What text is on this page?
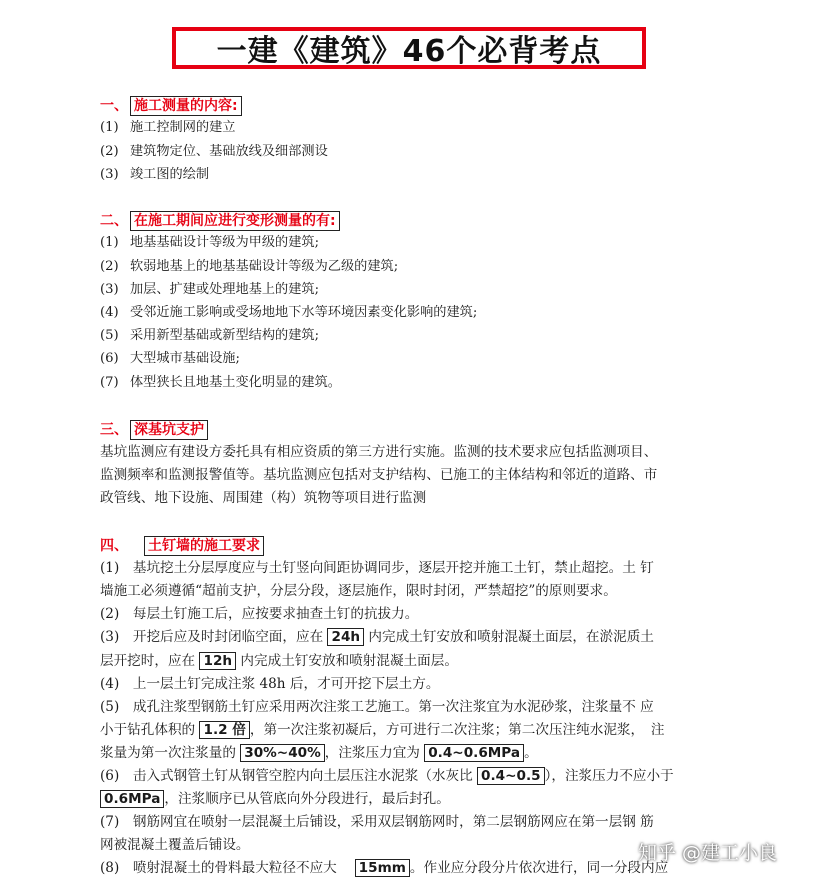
一建《建筑》46个必背考点
一、 施工测量的内容:
(1) 施工控制网的建立
(2) 建筑物定位、基础放线及细部测设
(3) 竣工图的绘制
二、 在施工期间应进行变形测量的有:
(1) 地基基础设计等级为甲级的建筑;
(2) 软弱地基上的地基基础设计等级为乙级的建筑;
(3) 加层、扩建或处理地基上的建筑;
(4) 受邻近施工影响或受场地地下水等环境因素变化影响的建筑;
(5) 采用新型基础或新型结构的建筑;
(6) 大型城市基础设施;
(7) 体型狭长且地基土变化明显的建筑。
三、 深基坑支护
基坑监测应有建设方委托具有相应资质的第三方进行实施。监测的技术要求应包括监测项目、
监测频率和监测报警值等。基坑监测应包括对支护结构、已施工的主体结构和邻近的道路、市
政管线、地下设施、周围建（构）筑物等项目进行监测
四、 土钉墙的施工要求
(1)　基坑挖土分层厚度应与土钉竖向间距协调同步，逐层开挖并施工土钉，禁止超挖。土 钉
墙施工必须遵循“超前支护，分层分段，逐层施作，限时封闭，严禁超挖”的原则要求。
(2)　每层土钉施工后，应按要求抽查土钉的抗拔力。
(3)　开挖后应及时封闭临空面，应在 24h 内完成土钉安放和喷射混凝土面层，在淤泥质土
层开挖时，应在 12h 内完成土钉安放和喷射混凝土面层。
(4)　上一层土钉完成注浆 48h 后，才可开挖下层土方。
(5)　成孔注浆型钢筋土钉应采用两次注浆工艺施工。第一次注浆宜为水泥砂浆，注浆量不 应
小于钻孔体积的 1.2 倍 ，第一次注浆初凝后，方可进行二次注浆；第二次压注纯水泥浆，　注
浆量为第一次注浆量的 30%~40% ，注浆压力宜为 0.4~0.6MPa 。
(6)　击入式钢管土钉从钢管空腔内向土层压注水泥浆（水灰比 0.4~0.5 ），注浆压力不应小于
0.6MPa ，注浆顺序已从管底向外分段进行，最后封孔。
(7)　钢筋网宜在喷射一层混凝土后铺设，采用双层钢筋网时，第二层钢筋网应在第一层钢 筋
网被混凝土覆盖后铺设。
(8)　喷射混凝土的骨料最大粒径不应大　 15mm 。作业应分段分片依次进行，同一分段内应
知乎 @建工小良
